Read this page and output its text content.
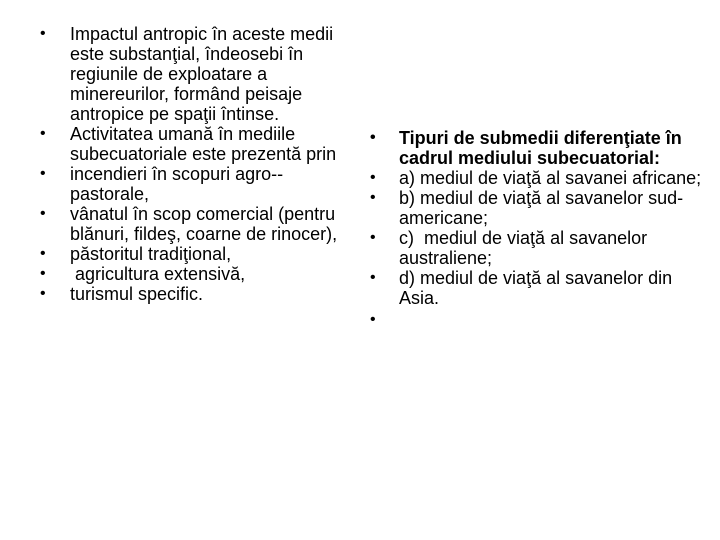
• Impactul antropic în aceste medii este substanţial, îndeosebi în regiunile de exploatare a minereurilor, formând peisaje antropice pe spaţii întinse.
• Activitatea umană în mediile subecuatoriale este prezentă prin
• incendieri în scopuri agro--pastorale,
• vânatul în scop comercial (pentru blănuri, fildeş, coarne de rinocer),
• păstoritul tradiţional,
• agricultura extensivă,
• turismul specific.
• Tipuri de submedii diferenţiate în cadrul mediului subecuatorial:
• a) mediul de viaţă al savanei africane;
• b) mediul de viaţă al savanelor sud-americane;
• c)  mediul de viaţă al savanelor australiene;
• d) mediul de viaţă al savanelor din Asia.
•
